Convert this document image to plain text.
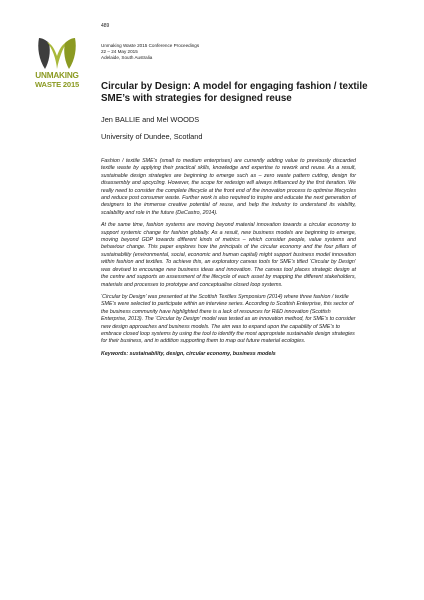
489
UNMAKING
WASTE 2015
Unmaking Waste 2015 Conference Proceedings
22 – 24 May 2015
Adelaide, South Australia
Circular by Design: A model for engaging fashion / textile SME’s with strategies for designed reuse
Jen BALLIE and Mel WOODS
University of Dundee, Scotland

Fashion / textile SME’s (small to medium enterprises) are currently adding value to previously discarded textile waste by applying their practical skills, knowledge and expertise to rework and reuse. As a result, sustainable design strategies are beginning to emerge such as – zero waste pattern cutting, design for disassembly and upcycling. However, the scope for redesign will always influenced by the first iteration. We really need to consider the complete lifecycle at the front end of the innovation process to optimise lifecycles and reduce post consumer waste. Further work is also required to inspire and educate the next generation of designers to the immense creative potential of reuse, and help the industry to understand its viability, scalability and role in the future (DeCastro, 2014).

At the same time, fashion systems are moving beyond material innovation towards a circular economy to support systemic change for fashion globally. As a result, new business models are beginning to emerge, moving beyond GDP towards different kinds of metrics – which consider people, value systems and behaviour change. This paper explores how the principals of the circular economy and the four pillars of sustainability (environmental, social, economic and human capital) might support business model innovation within fashion and textiles. To achieve this, an exploratory canvas tools for SME’s titled ‘Circular by Design’ was devised to encourage new business ideas and innovation. The canvas tool places strategic design at the centre and supports an assessment of the lifecycle of each asset by mapping the different stakeholders, materials and processes to prototype and conceptualise closed loop systems.

‘Circular by Design’ was presented at the Scottish Textiles Symposium (2014) where three fashion / textile SME’s were selected to participate within an interview series. According to Scottish Enterprise, this sector of the business community have highlighted there is a lack of resources for R&D innovation (Scottish Enterprise, 2013). The ‘Circular by Design’ model was tested as an innovation method, for SME’s to consider new design approaches and business models. The aim was to expand upon the capability of SME’s to embrace closed loop systems by using the tool to identify the most appropriate sustainable design strategies for their business, and in addition supporting them to map out future material ecologies.

Keywords: sustainability, design, circular economy, business models
